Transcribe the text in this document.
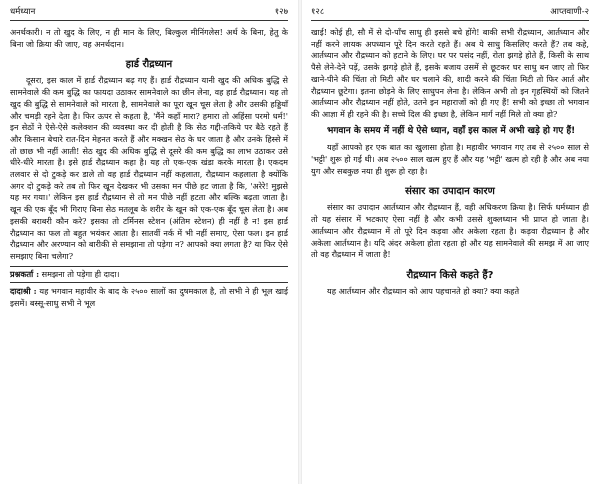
धर्मध्यान	१२७

अनर्थकारी। न तो खुद के लिए, न ही मान के लिए, बिल्कुल मीनिंगलेस! अर्थ के बिना, हेतु के बिना जो क्रिया की जाए, वह अनर्थदान।

हार्ड रौद्रध्यान

दूसरा, इस काल में हार्ड रौद्रध्यान बढ़ गए हैं। हार्ड रौद्रध्यान यानी खुद की अधिक बुद्धि से सामनेवाले की कम बुद्धि का फायदा उठाकर सामनेवाले का छीन लेना, वह हार्ड रौद्रध्यान। यह तो खुद की बुद्धि से सामनेवाले को मारता है, सामनेवाले का पूरा खून चूस लेता है और उसकी हड्डियाँ और चमड़ी रहने देता है। फिर ऊपर से कहता है, 'मैंने कहाँ मारा? हमारा तो अहिंसा परमो धर्म!' इन सेठों ने ऐसे-ऐसे कलेक्शन की व्यवस्था कर दी होती है कि सेठ गद्दी-तकिये पर बैठे रहते हैं और किसान बेचारे रात-दिन मेहनत करते हैं और मक्खन सेठ के घर जाता है और उनके हिस्से में तो छाछ भी नहीं आती! सेठ खुद की अधिक बुद्धि से दूसरे की कम बुद्धि का लाभ उठाकर उसे धीरे-धीरे मारता है। इसे हार्ड रौद्रध्यान कहा है। यह तो एक-एक खंडा करके मारता है। एकदम तलवार से दो टुकड़े कर डाले तो वह हार्ड रौद्रध्यान नहीं कहलाता, रौद्रध्यान कहलाता है क्योंकि अगर दो टुकड़े करे तब तो फिर खून देखकर भी उसका मन पीछे हट जाता है कि, 'अरेरे! मुझसे यह मर गया।' लेकिन इस हार्ड रौद्रध्यान से तो मन पीछे नहीं हटता और बल्कि बढ़ता जाता है। खून की एक बूँद भी गिराए बिना सेठ मतलूब के शरीर के खून को एक-एक बूँद चूस लेता है। अब इसकी बराबरी कौन करे? इसका तो टर्मिनस स्टेशन (अंतिम स्टेशन) ही नहीं है न! इस हार्ड रौद्रध्यान का फल तो बहुत भयंकर आता है। सातवीं नर्क में भी नहीं समाए, ऐसा फल। इन हार्ड रौद्रध्यान और अरण्यान को बारीकी से समझाना तो पड़ेगा न? आपको क्या लगता है? या फिर ऐसे समझाए बिना चलेगा?

प्रश्नकर्ता : समझना तो पड़ेगा ही दादा।

दादाश्री : यह भगवान महावीर के बाद के २५०० सालों का दुषमकाल है, तो सभी ने ही भूल खाई इसमें। बस्सू-साधु सभी ने भूल

१२८	आप्तवाणी-२

खाई! कोई ही, सौ में से दो-पाँच साधु ही इससे बचे होंगे! बाकी सभी रौद्रध्यान, आर्तध्यान और नहीं करने लायक अपध्यान पूरे दिन करते रहते हैं। अब ये साधु किसलिए करते हैं? तब कहे, आर्तध्यान और रौद्रध्यान को हटाने के लिए। घर पर पसंद नहीं, रोता झगड़े होते हैं, किसी के साथ पैसे लेने-देने पड़ें, उसके झगड़े होते हैं, इसके बजाय उसमें से छूटकर घर साधु बन जाए तो फिर खाने-पीने की चिंता तो मिटी और घर चलाने की, शादी करने की चिंता मिटी तो फिर आर्त और रौद्रध्यान छूटेगा। इतना छोड़ने के लिए साधुपन लेना है। लेकिन अभी तो इन गृहस्थियों को जितने आर्तध्यान और रौद्रध्यान नहीं होते, उतने इन महाराजों को ही गए हैं! सभी को इच्छा तो भगवान की आज्ञा में ही रहने की है। सच्चे दिल की इच्छा है, लेकिन मार्ग नहीं मिले तो क्या हो?

भगवान के समय में नहीं थे ऐसे ध्यान, वहाँ इस काल में अभी खड़े हो गए हैं!

यहाँ आपको हर एक बात का खुलासा होता है। महावीर भगवान गए तब से २५०० साल से 'भट्टी' शुरू हो गई थी। अब २५०० साल खत्म हुए हैं और यह 'भट्टी' खत्म हो रही है और अब नया युग और सबकुछ नया ही शुरू हो रहा है।

संसार का उपादान कारण

संसार का उपादान आर्तध्यान और रौद्रध्यान हैं, वही अधिकरण क्रिया है। सिर्फ धर्मध्यान ही तो यह संसार में भटकाए ऐसा नहीं है और कभी उससे शुक्लध्यान भी प्राप्त हो जाता है। आर्तध्यान और रौद्रध्यान में तो पूरे दिन कड़वा और अकेला रहता है। कड़वा रौद्रध्यान है और अकेला आर्तध्यान है। यदि अंदर अकेला होता रहता हो और यह सामनेवाले की समझ में आ जाए तो वह रौद्रध्यान में जाता है!

रौद्रध्यान किसे कहते हैं?

यह आर्तध्यान और रौद्रध्यान को आप पहचानते हो क्या? क्या कहते
